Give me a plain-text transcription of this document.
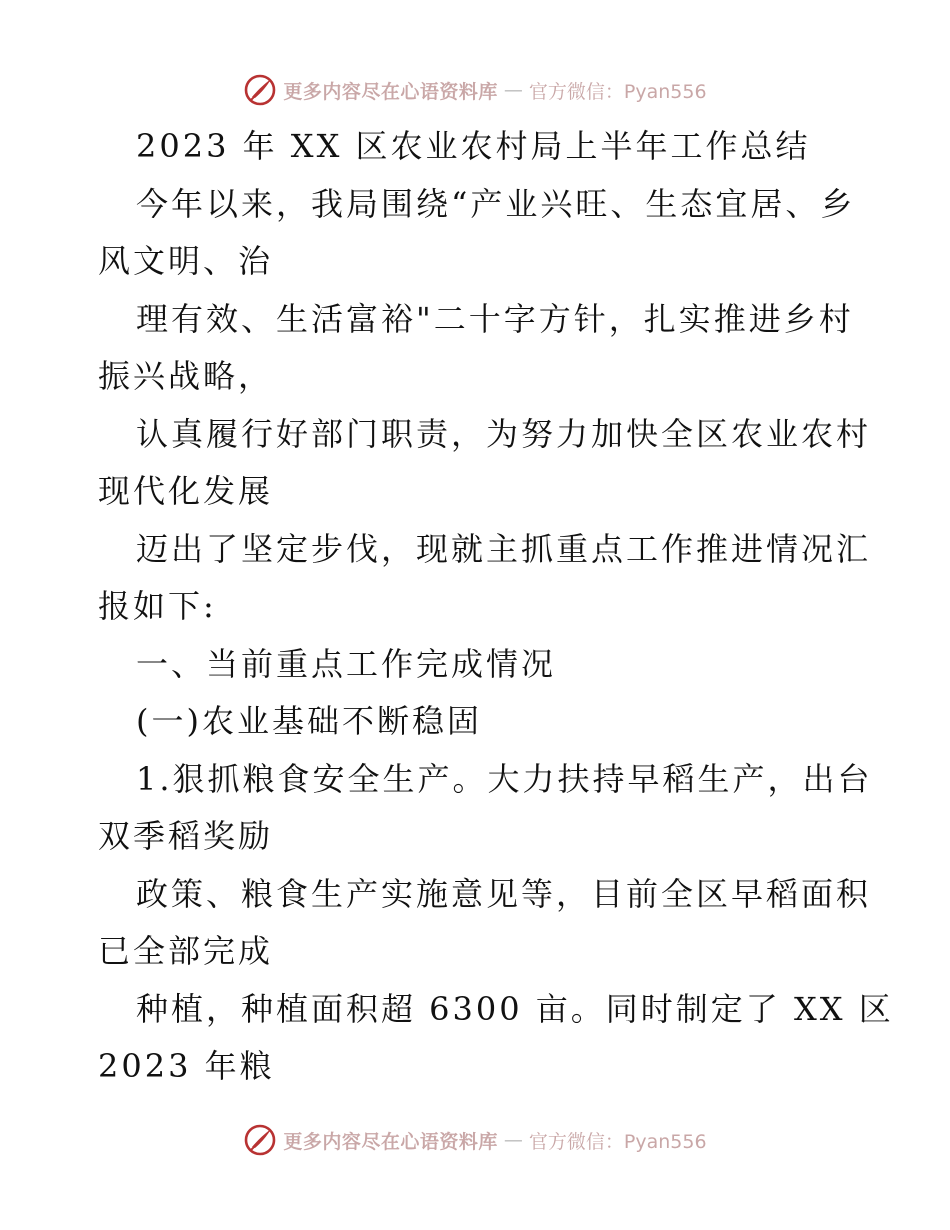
更多内容尽在心语资料库 — 官方微信：Pyan556
2023 年 XX 区农业农村局上半年工作总结
今年以来，我局围绕“产业兴旺、生态宜居、乡
风文明、治
理有效、生活富裕"二十字方针，扎实推进乡村
振兴战略，
认真履行好部门职责，为努力加快全区农业农村
现代化发展
迈出了坚定步伐，现就主抓重点工作推进情况汇
报如下:
一、当前重点工作完成情况
(一)农业基础不断稳固
1.狠抓粮食安全生产。大力扶持早稻生产，出台
双季稻奖励
政策、粮食生产实施意见等，目前全区早稻面积
已全部完成
种植，种植面积超 6300 亩。同时制定了 XX 区
2023 年粮
更多内容尽在心语资料库 — 官方微信：Pyan556
